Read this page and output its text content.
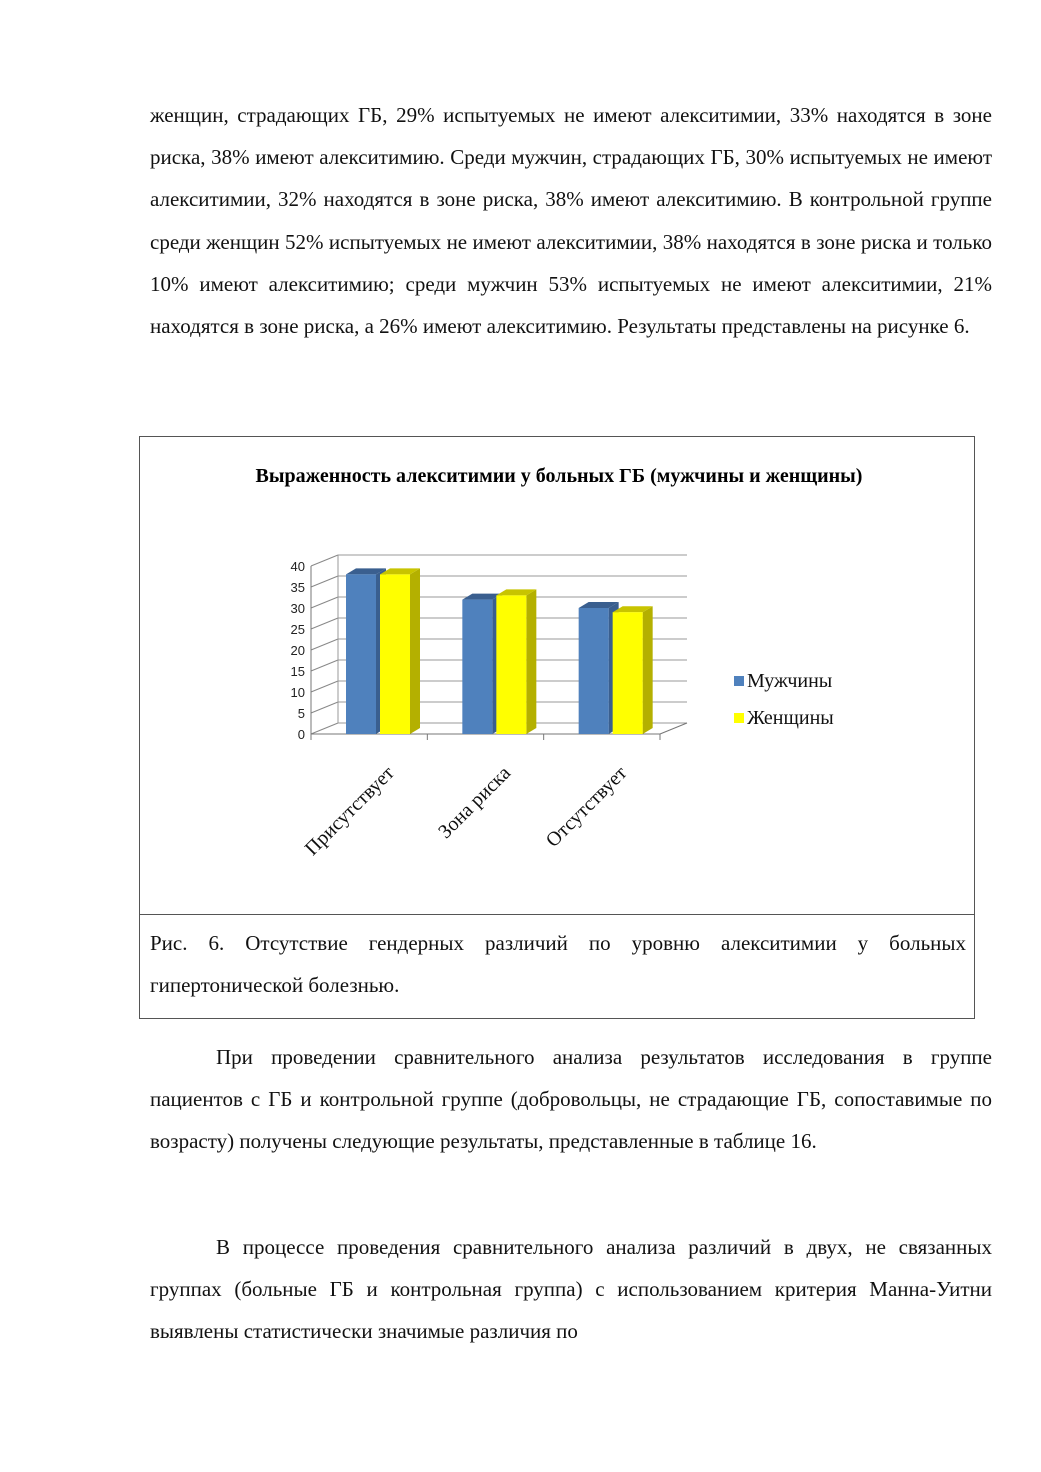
женщин, страдающих ГБ, 29% испытуемых не имеют алекситимии, 33% находятся в зоне риска, 38% имеют алекситимию. Среди мужчин, страдающих ГБ, 30% испытуемых не имеют алекситимии, 32% находятся в зоне риска, 38% имеют алекситимию. В контрольной группе среди женщин 52% испытуемых не имеют алекситимии, 38% находятся в зоне риска и только 10% имеют алекситимию; среди мужчин 53% испытуемых не имеют алекситимии, 21% находятся в зоне риска, а 26% имеют алекситимию. Результаты представлены на рисунке 6.

Выраженность алекситимии у больных ГБ (мужчины и женщины)
0
5
10
15
20
25
30
35
40
Присутствует Зона риска Отсутствует
Мужчины
Женщины

Рис. 6. Отсутствие гендерных различий по уровню алекситимии у больных гипертонической болезнью.

При проведении сравнительного анализа результатов исследования в группе пациентов с ГБ и контрольной группе (добровольцы, не страдающие ГБ, сопоставимые по возрасту) получены следующие результаты, представленные в таблице 16.

В процессе проведения сравнительного анализа различий в двух, не связанных группах (больные ГБ и контрольная группа) с использованием критерия Манна-Уитни выявлены статистически значимые различия по
